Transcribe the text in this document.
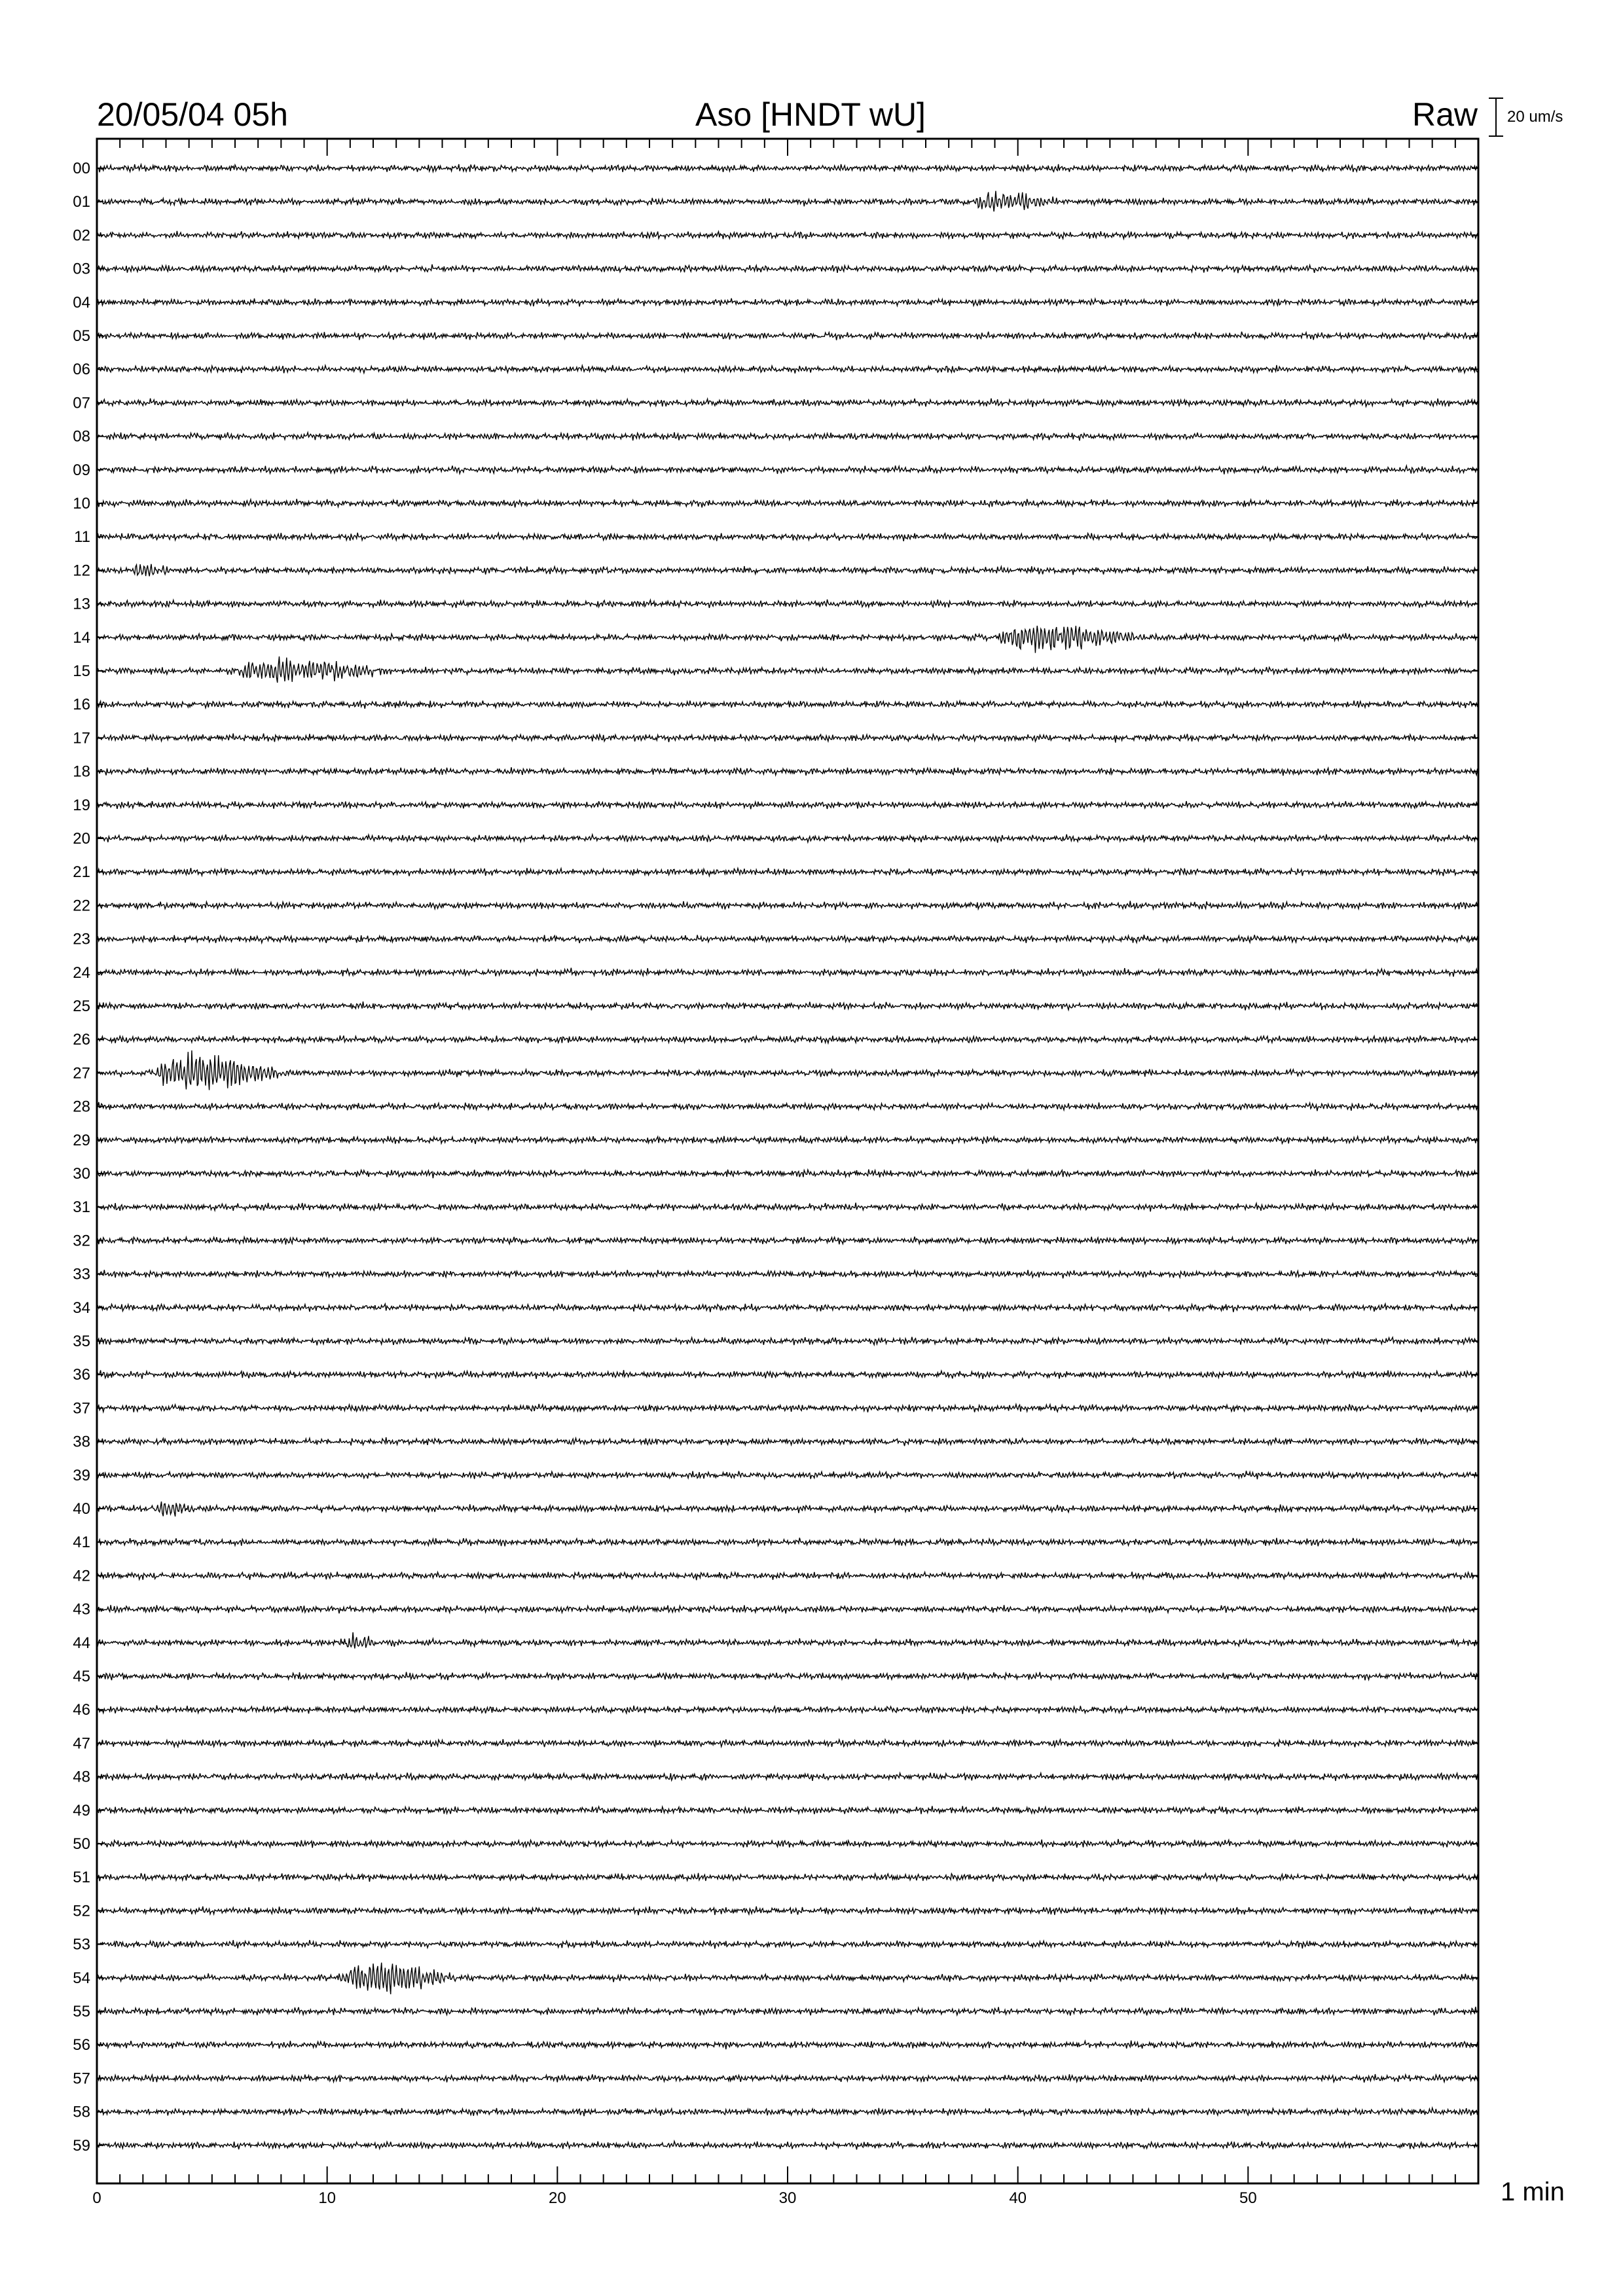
20/05/04 05h	Aso [HNDT wU]	Raw 20 um/s
00
01
02
03
04
05
06
07
08
09
10
11
12
13
14
15
16
17
18
19
20
21
22
23
24
25
26
27
28
29
30
31
32
33
34
35
36
37
38
39
40
41
42
43
44
45
46
47
48
49
50
51
52
53
54
55
56
57
58
59
0	10	20	30	40	50	1 min
